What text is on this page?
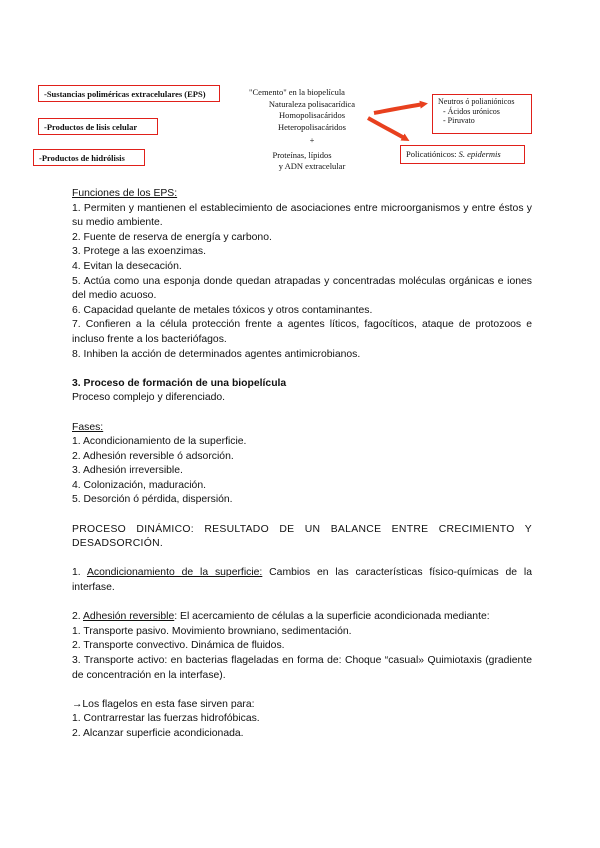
-Sustancias poliméricas extracelulares (EPS)
-Productos de lisis celular
-Productos de hidrólisis
"Cemento" en la biopelícula
Naturaleza polisacarídica
Homopolisacáridos
Heteropolisacáridos
+
Proteínas, lípidos
y ADN extracelular
Neutros ó polianiónicos
- Ácidos urónicos
- Piruvato
Policatiónicos: S. epidermis

Funciones de los EPS:

1. Permiten y mantienen el establecimiento de asociaciones entre microorganismos y entre éstos y su medio ambiente.

2. Fuente de reserva de energía y carbono.

3. Protege a las exoenzimas.

4. Evitan la desecación.

5. Actúa como una esponja donde quedan atrapadas y concentradas moléculas orgánicas e iones del medio acuoso.

6. Capacidad quelante de metales tóxicos y otros contaminantes.

7. Confieren a la célula protección frente a agentes líticos, fagocíticos, ataque de protozoos e incluso frente a los bacteriófagos.

8. Inhiben la acción de determinados agentes antimicrobianos.

3. Proceso de formación de una biopelícula

Proceso complejo y diferenciado.

Fases:

1. Acondicionamiento de la superficie.

2. Adhesión reversible ó adsorción.

3. Adhesión irreversible.

4. Colonización, maduración.

5. Desorción ó pérdida, dispersión.

PROCESO DINÁMICO: RESULTADO DE UN BALANCE ENTRE CRECIMIENTO Y DESADSORCIÓN.

1. Acondicionamiento de la superficie: Cambios en las características físico-químicas de la interfase.

2. Adhesión reversible: El acercamiento de células a la superficie acondicionada mediante:

1. Transporte pasivo. Movimiento browniano, sedimentación.

2. Transporte convectivo. Dinámica de fluidos.

3. Transporte activo: en bacterias flageladas en forma de: Choque “casual» Quimiotaxis (gradiente de concentración en la interfase).

→Los flagelos en esta fase sirven para:

1. Contrarrestar las fuerzas hidrofóbicas.

2. Alcanzar superficie acondicionada.
